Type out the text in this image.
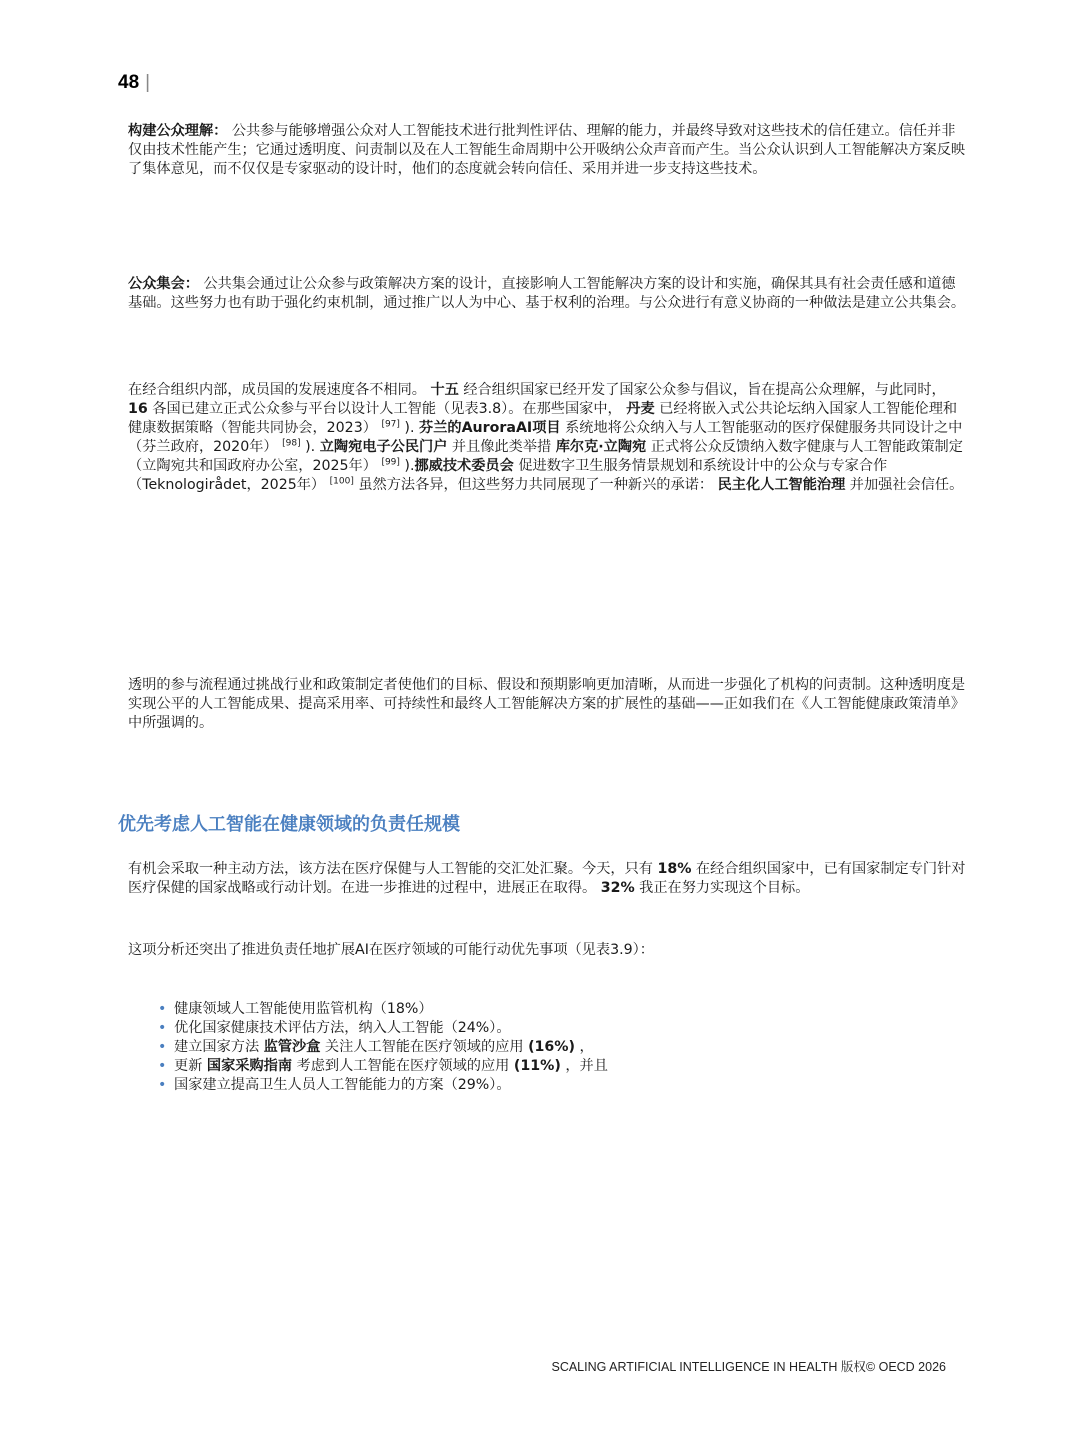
48 |

构建公众理解： 公共参与能够增强公众对人工智能技术进行批判性评估、理解的能力，并最终导致对这些技术的信任建立。信任并非仅由技术性能产生；它通过透明度、问责制以及在人工智能生命周期中公开吸纳公众声音而产生。当公众认识到人工智能解决方案反映了集体意见，而不仅仅是专家驱动的设计时，他们的态度就会转向信任、采用并进一步支持这些技术。

公众集会： 公共集会通过让公众参与政策解决方案的设计，直接影响人工智能解决方案的设计和实施，确保其具有社会责任感和道德基础。这些努力也有助于强化约束机制，通过推广以人为中心、基于权利的治理。与公众进行有意义协商的一种做法是建立公共集会。

在经合组织内部，成员国的发展速度各不相同。 十五 经合组织国家已经开发了国家公众参与倡议，旨在提高公众理解，与此同时， 16 各国已建立正式公众参与平台以设计人工智能（见表3.8）。在那些国家中， 丹麦 已经将嵌入式公共论坛纳入国家人工智能伦理和健康数据策略（智能共同协会，2023） [97] ). 芬兰的AuroraAI项目 系统地将公众纳入与人工智能驱动的医疗保健服务共同设计之中（芬兰政府，2020年） [98] ). 立陶宛电子公民门户 并且像此类举措 库尔克·立陶宛 正式将公众反馈纳入数字健康与人工智能政策制定（立陶宛共和国政府办公室，2025年） [99] ).挪威技术委员会 促进数字卫生服务情景规划和系统设计中的公众与专家合作（Teknologirådet，2025年） [100] 虽然方法各异，但这些努力共同展现了一种新兴的承诺： 民主化人工智能治理 并加强社会信任。

透明的参与流程通过挑战行业和政策制定者使他们的目标、假设和预期影响更加清晰，从而进一步强化了机构的问责制。这种透明度是实现公平的人工智能成果、提高采用率、可持续性和最终人工智能解决方案的扩展性的基础——正如我们在《人工智能健康政策清单》中所强调的。

优先考虑人工智能在健康领域的负责任规模

有机会采取一种主动方法，该方法在医疗保健与人工智能的交汇处汇聚。今天，只有 18% 在经合组织国家中，已有国家制定专门针对医疗保健的国家战略或行动计划。在进一步推进的过程中，进展正在取得。 32% 我正在努力实现这个目标。

这项分析还突出了推进负责任地扩展AI在医疗领域的可能行动优先事项（见表3.9）：

• 健康领域人工智能使用监管机构（18%）
• 优化国家健康技术评估方法，纳入人工智能（24%）。
• 建立国家方法 监管沙盒 关注人工智能在医疗领域的应用 (16%) ，
• 更新 国家采购指南 考虑到人工智能在医疗领域的应用 (11%) ，并且
• 国家建立提高卫生人员人工智能能力的方案（29%）。
SCALING ARTIFICIAL INTELLIGENCE IN HEALTH 版权© OECD 2026
